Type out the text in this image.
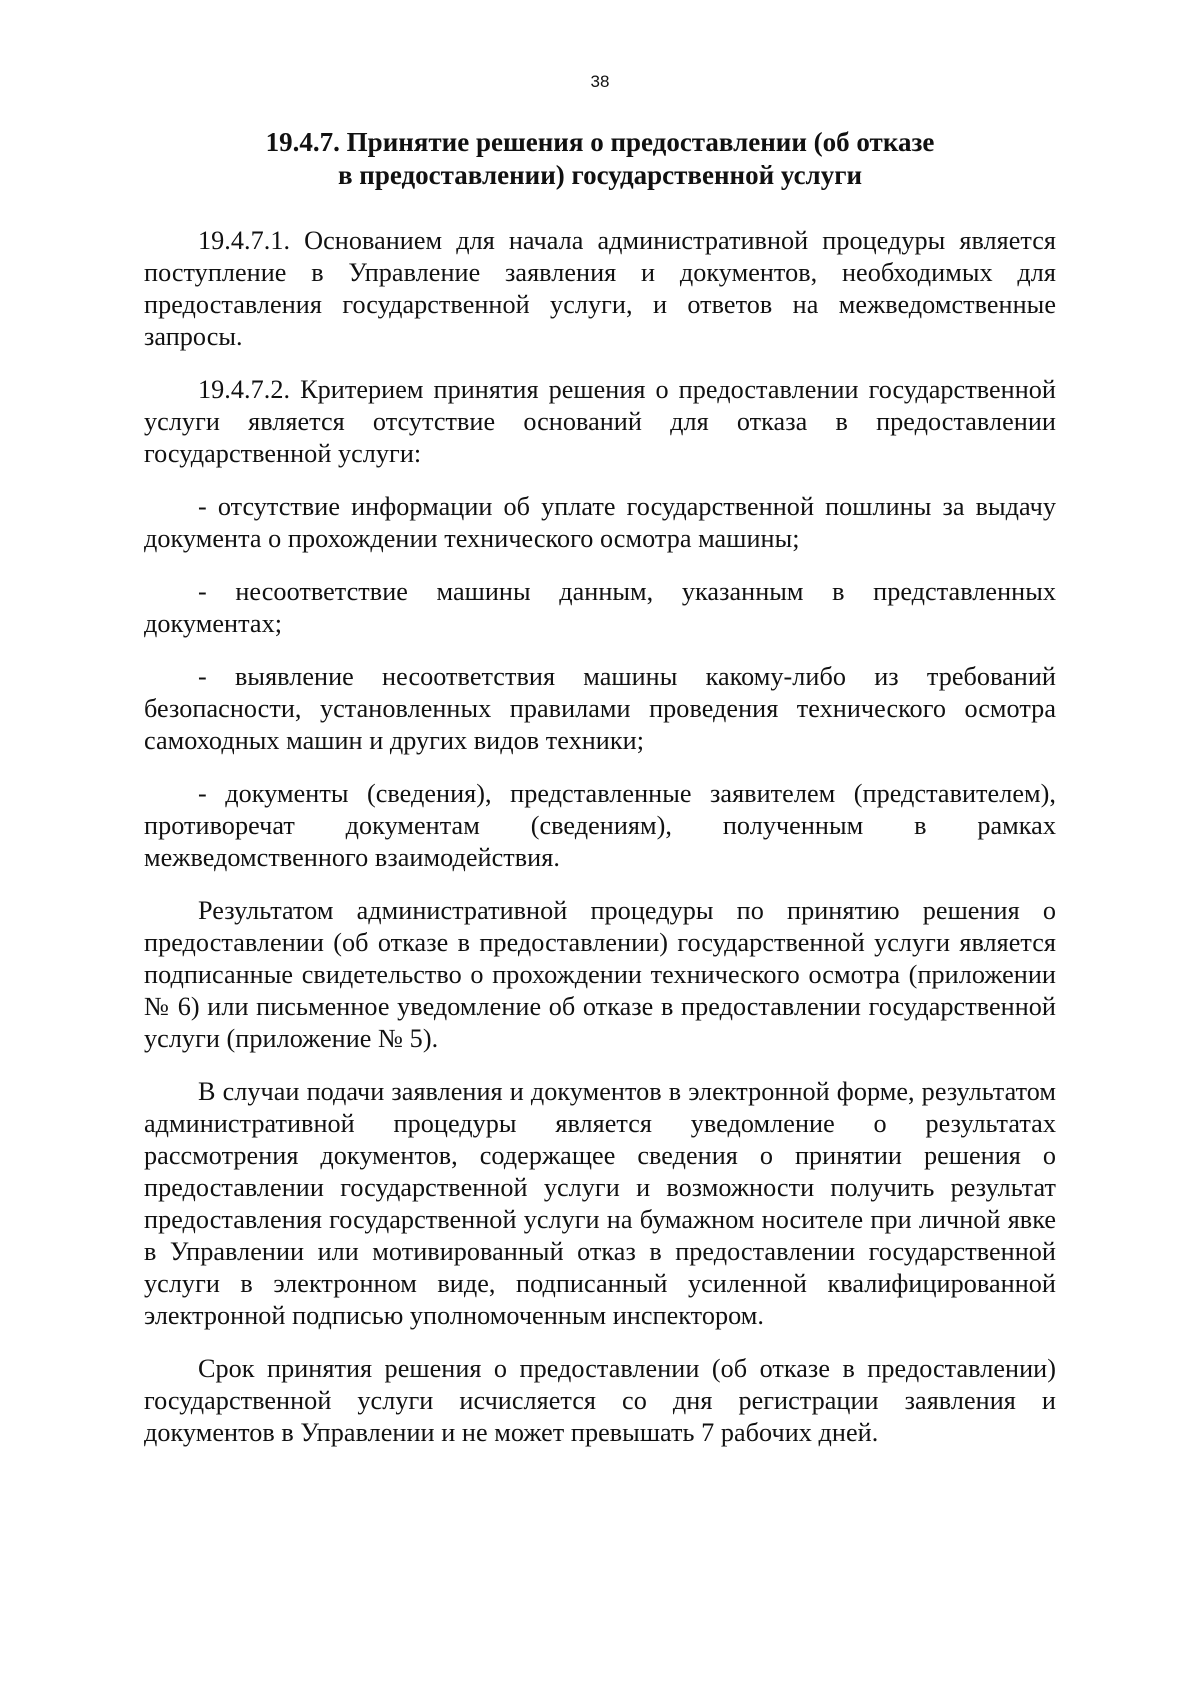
38
19.4.7. Принятие решения о предоставлении (об отказе
в предоставлении) государственной услуги

19.4.7.1. Основанием для начала административной процедуры является поступление в Управление заявления и документов, необходимых для предоставления государственной услуги, и ответов на межведомственные запросы.

19.4.7.2. Критерием принятия решения о предоставлении государственной услуги является отсутствие оснований для отказа в предоставлении государственной услуги:

- отсутствие информации об уплате государственной пошлины за выдачу документа о прохождении технического осмотра машины;

- несоответствие машины данным, указанным в представленных документах;

- выявление несоответствия машины какому-либо из требований безопасности, установленных правилами проведения технического осмотра самоходных машин и других видов техники;

- документы (сведения), представленные заявителем (представителем), противоречат документам (сведениям), полученным в рамках межведомственного взаимодействия.

Результатом административной процедуры по принятию решения о предоставлении (об отказе в предоставлении) государственной услуги является подписанные свидетельство о прохождении технического осмотра (приложении № 6) или письменное уведомление об отказе в предоставлении государственной услуги (приложение № 5).

В случаи подачи заявления и документов в электронной форме, результатом административной процедуры является уведомление о результатах рассмотрения документов, содержащее сведения о принятии решения о предоставлении государственной услуги и возможности получить результат предоставления государственной услуги на бумажном носителе при личной явке в Управлении или мотивированный отказ в предоставлении государственной услуги в электронном виде, подписанный усиленной квалифицированной электронной подписью уполномоченным инспектором.

Срок принятия решения о предоставлении (об отказе в предоставлении) государственной услуги исчисляется со дня регистрации заявления и документов в Управлении и не может превышать 7 рабочих дней.
